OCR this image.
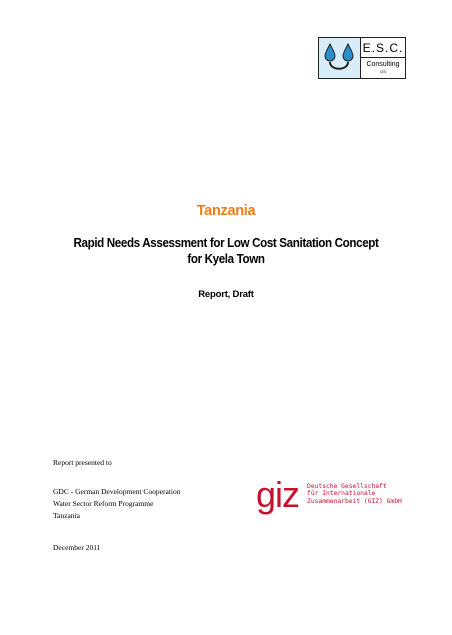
E.S.C.
Consulting
GS
Tanzania
Rapid Needs Assessment for Low Cost Sanitation Concept
for Kyela Town
Report, Draft
Report presented to
GDC - German Development Cooperation
Water Sector Reform Programme
Tanzania
December 2011
giz Deutsche Gesellschaft
für Internationale
Zusammenarbeit (GIZ) GmbH
